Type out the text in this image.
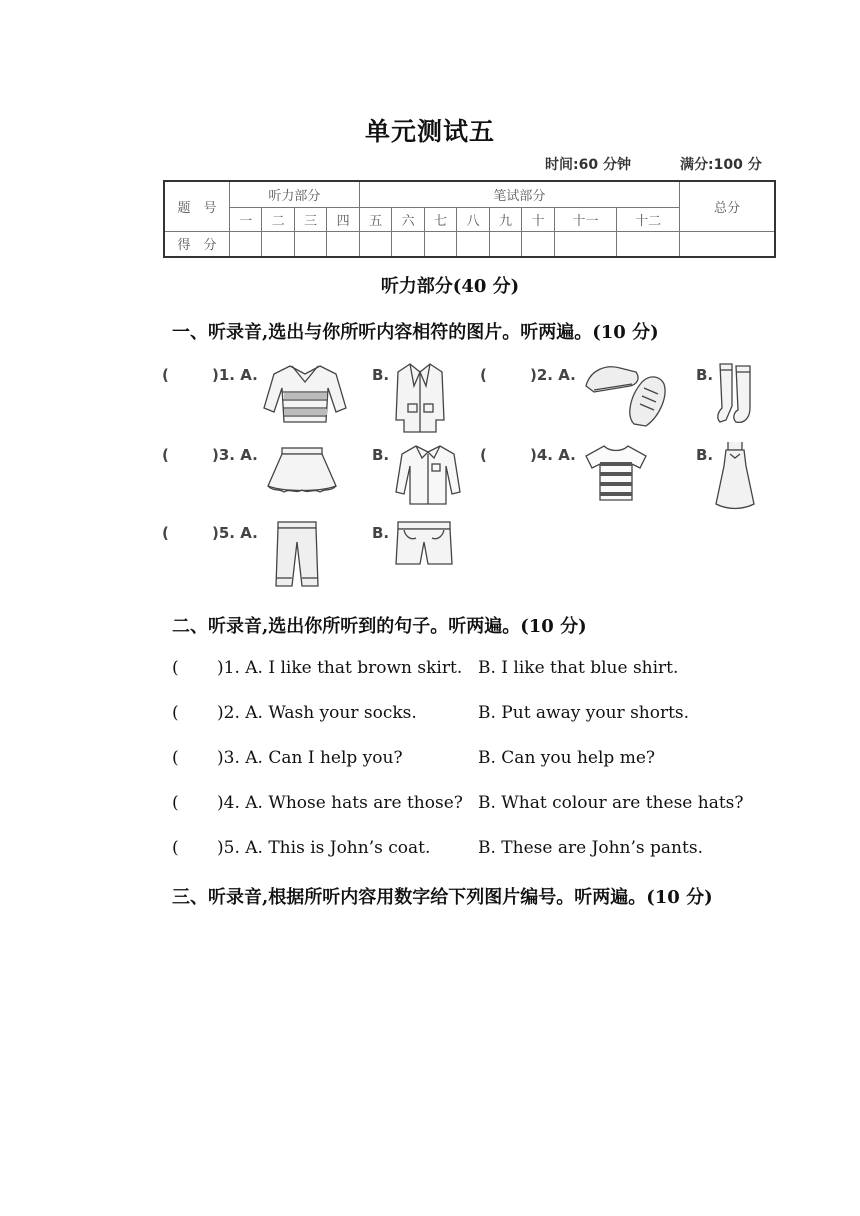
单元测试五
时间:60 分钟	满分:100 分
题　号	听力部分				笔试部分								总分
	一	二	三	四	五	六	七	八	九	十	十一	十二	
得　分													
听力部分(40 分)
一、听录音,选出与你所听内容相符的图片。听两遍。(10 分)
(	)1. A.	B.	(	)2. A.	B.
(	)3. A.	B.	(	)4. A.	B.
(	)5. A.	B.
二、听录音,选出你所听到的句子。听两遍。(10 分)
( )1. A. I like that brown skirt. B. I like that blue shirt.
( )2. A. Wash your socks.	B. Put away your shorts.
( )3. A. Can I help you?	B. Can you help me?
( )4. A. Whose hats are those? B. What colour are these hats?
( )5. A. This is John’s coat.	B. These are John’s pants.
三、听录音,根据所听内容用数字给下列图片编号。听两遍。(10 分)
